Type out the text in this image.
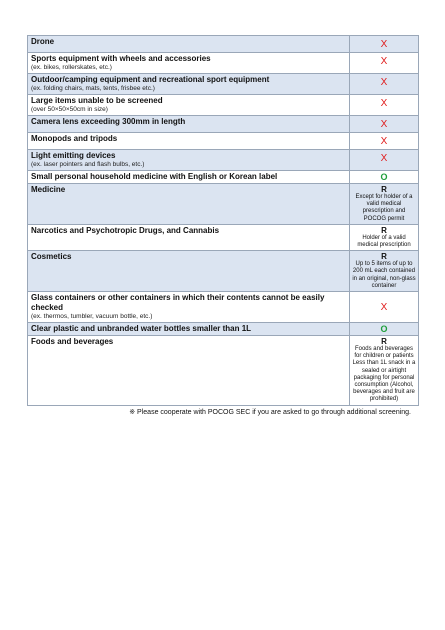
Drone	X

Sports equipment with wheels and accessories
(ex. bikes, rollerskates, etc.)	X

Outdoor/camping equipment and recreational sport equipment
(ex. folding chairs, mats, tents, frisbee etc.)	X

Large items unable to be screened
(over 50×50×50cm in size)	X

Camera lens exceeding 300mm in length	X

Monopods and tripods	X

Light emitting devices
(ex. laser pointers and flash bulbs, etc.)	X

Small personal household medicine with English or Korean label	O

Medicine	R
Except for holder of a valid medical prescription and POCOG permit

Narcotics and Psychotropic Drugs, and Cannabis	R
Holder of a valid medical prescription

Cosmetics	R
Up to 5 items of up to 200 mL each contained in an original, non-glass container

Glass containers or other containers in which their contents cannot be easily checked
(ex. thermos, tumbler, vacuum bottle, etc.)	X

Clear plastic and unbranded water bottles smaller than 1L	O

Foods and beverages	R
Foods and beverages for children or patients Less than 1L snack in a sealed or airtight packaging for personal consumption (Alcohol, beverages and fruit are prohibited)
※ Please cooperate with POCOG SEC if you are asked to go through additional screening.
